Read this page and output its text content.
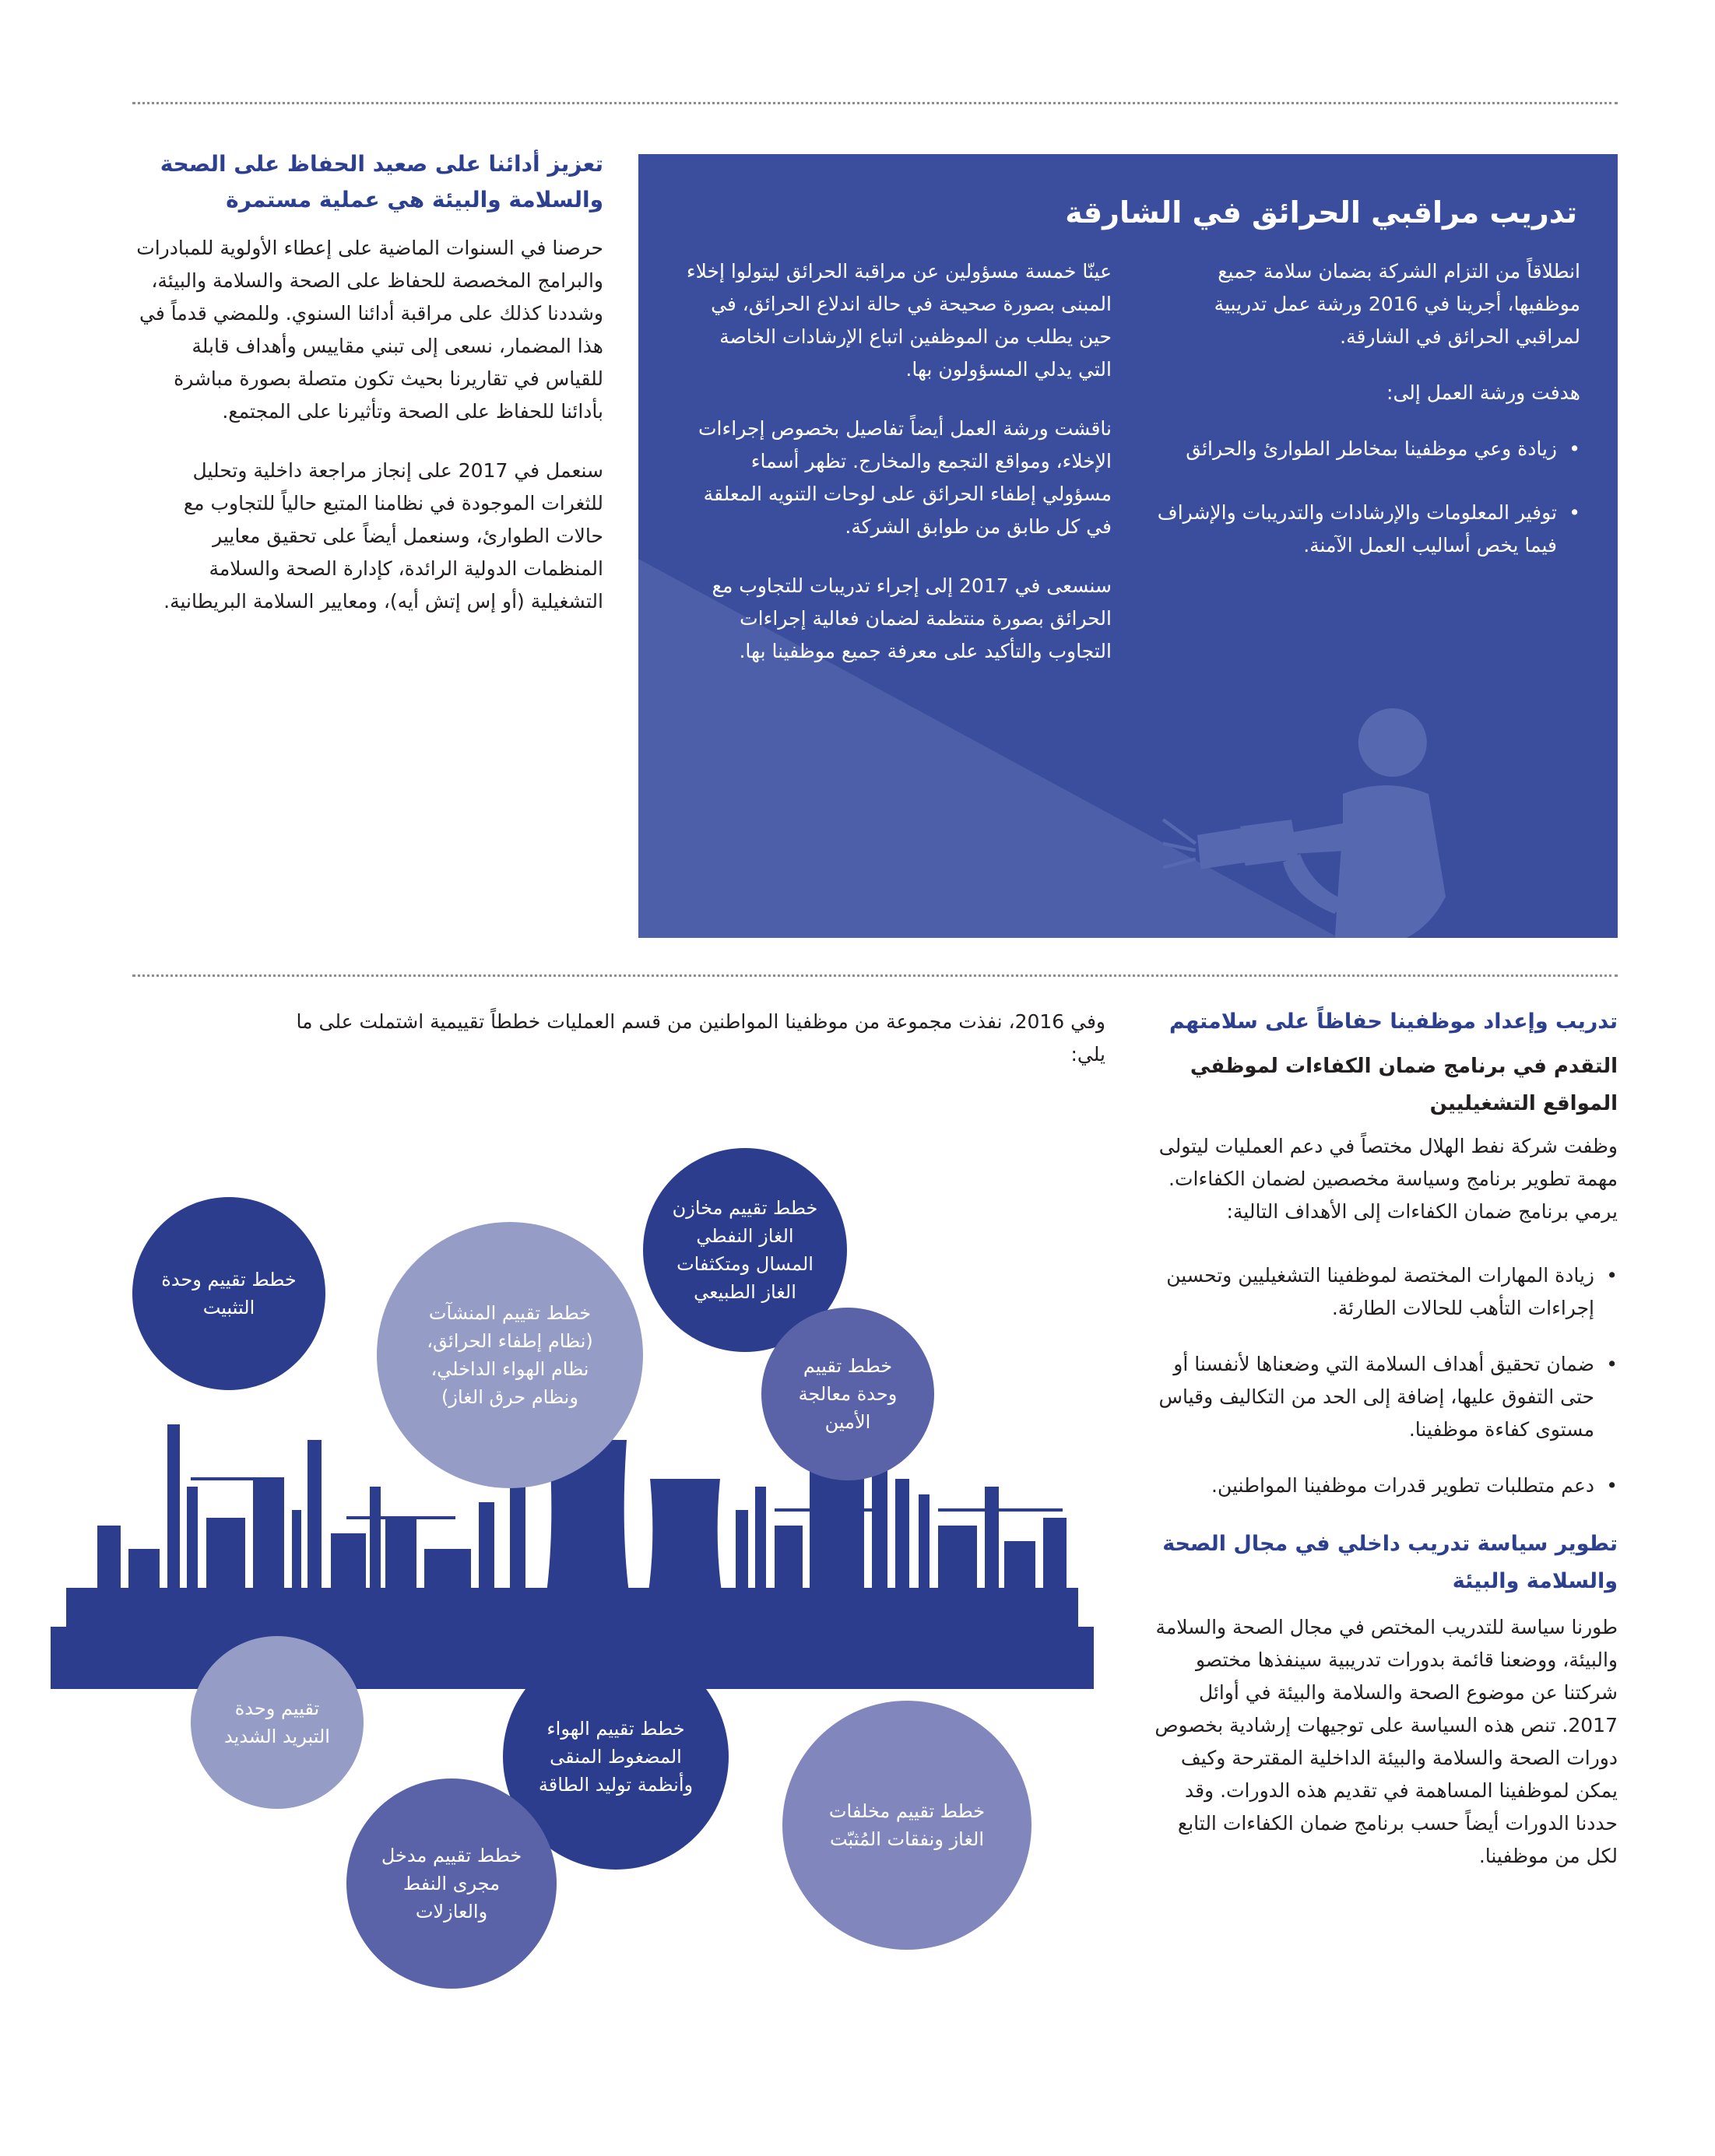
تعزيز أدائنا على صعيد الحفاظ على الصحة والسلامة والبيئة هي عملية مستمرة

حرصنا في السنوات الماضية على إعطاء الأولوية للمبادرات والبرامج المخصصة للحفاظ على الصحة والسلامة والبيئة، وشددنا كذلك على مراقبة أدائنا السنوي. وللمضي قدماً في هذا المضمار، نسعى إلى تبني مقاييس وأهداف قابلة للقياس في تقاريرنا بحيث تكون متصلة بصورة مباشرة بأدائنا للحفاظ على الصحة وتأثيرنا على المجتمع.

سنعمل في 2017 على إنجاز مراجعة داخلية وتحليل للثغرات الموجودة في نظامنا المتبع حالياً للتجاوب مع حالات الطوارئ، وسنعمل أيضاً على تحقيق معايير المنظمات الدولية الرائدة، كإدارة الصحة والسلامة التشغيلية (أو إس إتش أيه)، ومعايير السلامة البريطانية.

تدريب مراقبي الحرائق في الشارقة

انطلاقاً من التزام الشركة بضمان سلامة جميع موظفيها، أجرينا في 2016 ورشة عمل تدريبية لمراقبي الحرائق في الشارقة.

هدفت ورشة العمل إلى:

• زيادة وعي موظفينا بمخاطر الطوارئ والحرائق
• توفير المعلومات والإرشادات والتدريبات والإشراف فيما يخص أساليب العمل الآمنة.

عينّا خمسة مسؤولين عن مراقبة الحرائق ليتولوا إخلاء المبنى بصورة صحيحة في حالة اندلاع الحرائق، في حين يطلب من الموظفين اتباع الإرشادات الخاصة التي يدلي المسؤولون بها.

ناقشت ورشة العمل أيضاً تفاصيل بخصوص إجراءات الإخلاء، ومواقع التجمع والمخارج. تظهر أسماء مسؤولي إطفاء الحرائق على لوحات التنويه المعلقة في كل طابق من طوابق الشركة.

سنسعى في 2017 إلى إجراء تدريبات للتجاوب مع الحرائق بصورة منتظمة لضمان فعالية إجراءات التجاوب والتأكيد على معرفة جميع موظفينا بها.

تدريب وإعداد موظفينا حفاظاً على سلامتهم
التقدم في برنامج ضمان الكفاءات لموظفي المواقع التشغيليين

وظفت شركة نفط الهلال مختصاً في دعم العمليات ليتولى مهمة تطوير برنامج وسياسة مخصصين لضمان الكفاءات. يرمي برنامج ضمان الكفاءات إلى الأهداف التالية:

• زيادة المهارات المختصة لموظفينا التشغيليين وتحسين إجراءات التأهب للحالات الطارئة.
• ضمان تحقيق أهداف السلامة التي وضعناها لأنفسنا أو حتى التفوق عليها، إضافة إلى الحد من التكاليف وقياس مستوى كفاءة موظفينا.
• دعم متطلبات تطوير قدرات موظفينا المواطنين.
تطوير سياسة تدريب داخلي في مجال الصحة والسلامة والبيئة

طورنا سياسة للتدريب المختص في مجال الصحة والسلامة والبيئة، ووضعنا قائمة بدورات تدريبية سينفذها مختصو شركتنا عن موضوع الصحة والسلامة والبيئة في أوائل 2017. تنص هذه السياسة على توجيهات إرشادية بخصوص دورات الصحة والسلامة والبيئة الداخلية المقترحة وكيف يمكن لموظفينا المساهمة في تقديم هذه الدورات. وقد حددنا الدورات أيضاً حسب برنامج ضمان الكفاءات التابع لكل من موظفينا.

وفي 2016، نفذت مجموعة من موظفينا المواطنين من قسم العمليات خططاً تقييمية اشتملت على ما يلي:

خطط تقييم مخازن الغاز النفطي المسال ومتكثفات الغاز الطبيعي
خطط تقييم وحدة التثبيت	خطط تقييم المنشآت (نظام إطفاء الحرائق، نظام الهواء الداخلي، ونظام حرق الغاز)
خطط تقييم وحدة معالجة الأمين
تقييم وحدة التبريد الشديد	خطط تقييم الهواء المضغوط المنقى وأنظمة توليد الطاقة
خطط تقييم مدخل مجرى النفط والعازلات
خطط تقييم مخلفات الغاز ونفقات المُثبّت
